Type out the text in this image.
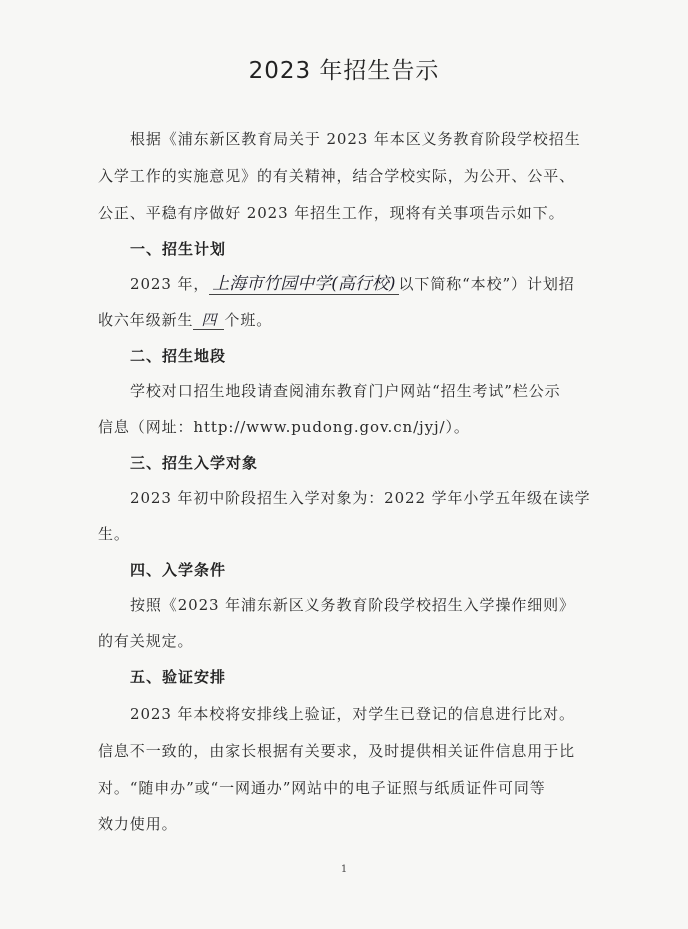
2023 年招生告示
根据《浦东新区教育局关于 2023 年本区义务教育阶段学校招生
入学工作的实施意见》的有关精神，结合学校实际，为公开、公平、
公正、平稳有序做好 2023 年招生工作，现将有关事项告示如下。
一、招生计划
2023 年， 上海市竹园中学(高行校) 以下简称“本校”）计划招
收六年级新生 四 个班。
二、招生地段
学校对口招生地段请查阅浦东教育门户网站“招生考试”栏公示
信息（网址：http://www.pudong.gov.cn/jyj/）。
三、招生入学对象
2023 年初中阶段招生入学对象为：2022 学年小学五年级在读学
生。
四、入学条件
按照《2023 年浦东新区义务教育阶段学校招生入学操作细则》
的有关规定。
五、验证安排
2023 年本校将安排线上验证，对学生已登记的信息进行比对。
信息不一致的，由家长根据有关要求，及时提供相关证件信息用于比
对。“随申办”或“一网通办”网站中的电子证照与纸质证件可同等
效力使用。
1
